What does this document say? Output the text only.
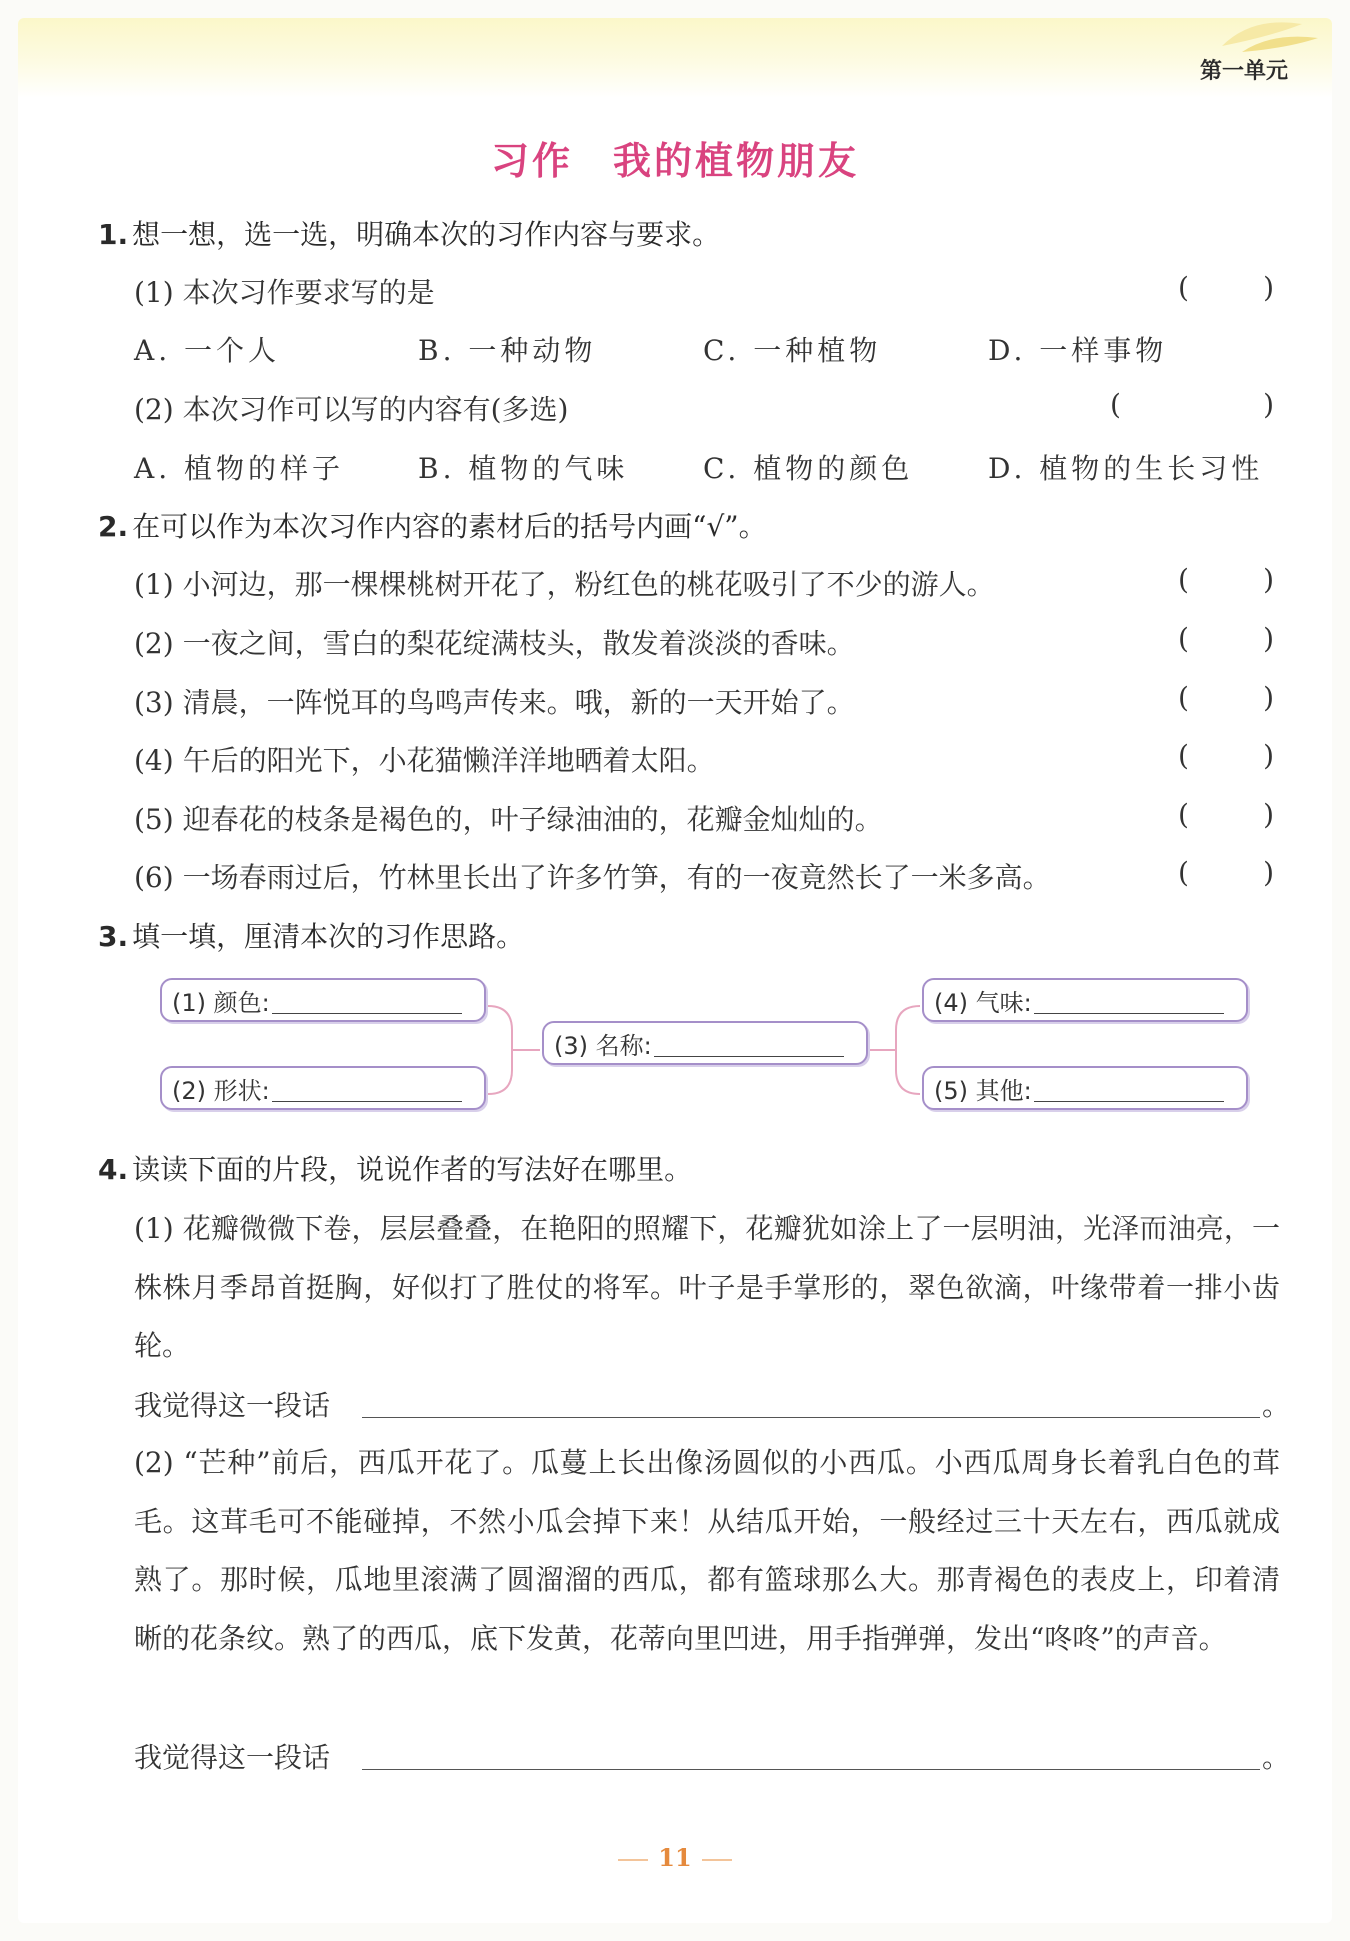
第一单元
习作 我的植物朋友
1. 想一想，选一选，明确本次的习作内容与要求。
(1) 本次习作要求写的是	(	)
A. 一个人	B. 一种动物	C. 一种植物	D. 一样事物
(2) 本次习作可以写的内容有(多选)	(	)
A. 植物的样子	B. 植物的气味	C. 植物的颜色	D. 植物的生长习性
2. 在可以作为本次习作内容的素材后的括号内画“√”。
(1) 小河边，那一棵棵桃树开花了，粉红色的桃花吸引了不少的游人。	(	)
(2) 一夜之间，雪白的梨花绽满枝头，散发着淡淡的香味。	(	)
(3) 清晨，一阵悦耳的鸟鸣声传来。哦，新的一天开始了。	(	)
(4) 午后的阳光下，小花猫懒洋洋地晒着太阳。	(	)
(5) 迎春花的枝条是褐色的，叶子绿油油的，花瓣金灿灿的。	(	)
(6) 一场春雨过后，竹林里长出了许多竹笋，有的一夜竟然长了一米多高。	(	)
3. 填一填，厘清本次的习作思路。
(1) 颜色:
(2) 形状:
(3) 名称:
(4) 气味:
(5) 其他:
4. 读读下面的片段，说说作者的写法好在哪里。
(1) 花瓣微微下卷，层层叠叠，在艳阳的照耀下，花瓣犹如涂上了一层明油，光泽而油亮，一株株月季昂首挺胸，好似打了胜仗的将军。叶子是手掌形的，翠色欲滴，叶缘带着一排小齿轮。
我觉得这一段话	。
(2) “芒种”前后，西瓜开花了。瓜蔓上长出像汤圆似的小西瓜。小西瓜周身长着乳白色的茸毛。这茸毛可不能碰掉，不然小瓜会掉下来！从结瓜开始，一般经过三十天左右，西瓜就成熟了。那时候，瓜地里滚满了圆溜溜的西瓜，都有篮球那么大。那青褐色的表皮上，印着清晰的花条纹。熟了的西瓜，底下发黄，花蒂向里凹进，用手指弹弹，发出“咚咚”的声音。
我觉得这一段话	。
11
